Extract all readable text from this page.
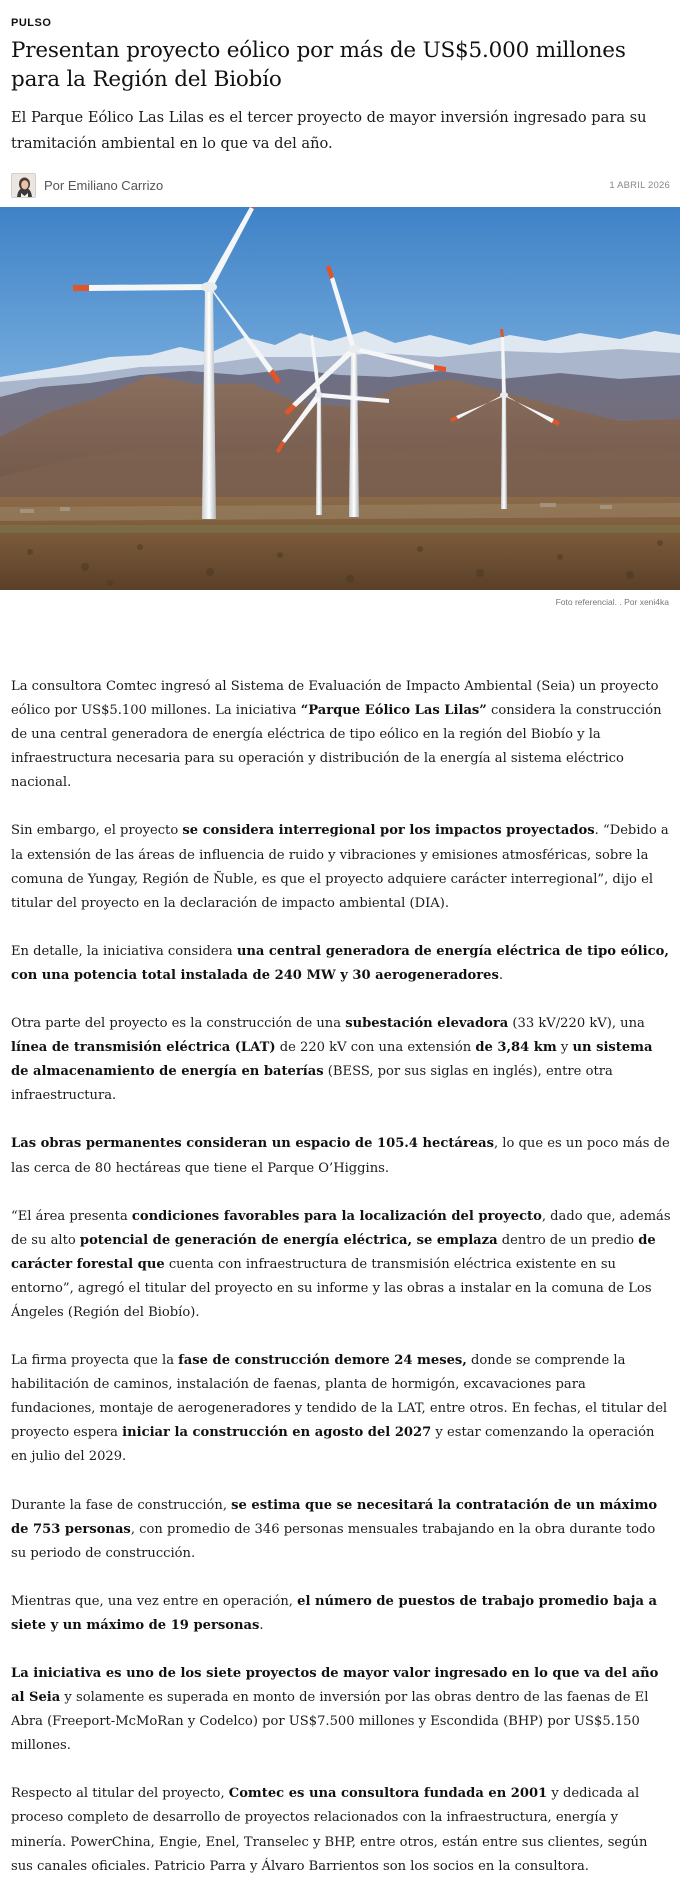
PULSO
Presentan proyecto eólico por más de US$5.000 millones para la Región del Biobío

El Parque Eólico Las Lilas es el tercer proyecto de mayor inversión ingresado para su tramitación ambiental en lo que va del año.

Por Emiliano Carrizo	1 ABRIL 2026
Foto referencial. . Por xeni4ka

La consultora Comtec ingresó al Sistema de Evaluación de Impacto Ambiental (Seia) un proyecto eólico por US$5.100 millones. La iniciativa “Parque Eólico Las Lilas” considera la construcción de una central generadora de energía eléctrica de tipo eólico en la región del Biobío y la infraestructura necesaria para su operación y distribución de la energía al sistema eléctrico nacional.

Sin embargo, el proyecto se considera interregional por los impactos proyectados. “Debido a la extensión de las áreas de influencia de ruido y vibraciones y emisiones atmosféricas, sobre la comuna de Yungay, Región de Ñuble, es que el proyecto adquiere carácter interregional”, dijo el titular del proyecto en la declaración de impacto ambiental (DIA).

En detalle, la iniciativa considera una central generadora de energía eléctrica de tipo eólico, con una potencia total instalada de 240 MW y 30 aerogeneradores.

Otra parte del proyecto es la construcción de una subestación elevadora (33 kV/220 kV), una línea de transmisión eléctrica (LAT) de 220 kV con una extensión de 3,84 km y un sistema de almacenamiento de energía en baterías (BESS, por sus siglas en inglés), entre otra infraestructura.

Las obras permanentes consideran un espacio de 105.4 hectáreas, lo que es un poco más de las cerca de 80 hectáreas que tiene el Parque O’Higgins.

“El área presenta condiciones favorables para la localización del proyecto, dado que, además de su alto potencial de generación de energía eléctrica, se emplaza dentro de un predio de carácter forestal que cuenta con infraestructura de transmisión eléctrica existente en su entorno”, agregó el titular del proyecto en su informe y las obras a instalar en la comuna de Los Ángeles (Región del Biobío).

La firma proyecta que la fase de construcción demore 24 meses, donde se comprende la habilitación de caminos, instalación de faenas, planta de hormigón, excavaciones para fundaciones, montaje de aerogeneradores y tendido de la LAT, entre otros. En fechas, el titular del proyecto espera iniciar la construcción en agosto del 2027 y estar comenzando la operación en julio del 2029.

Durante la fase de construcción, se estima que se necesitará la contratación de un máximo de 753 personas, con promedio de 346 personas mensuales trabajando en la obra durante todo su periodo de construcción.

Mientras que, una vez entre en operación, el número de puestos de trabajo promedio baja a siete y un máximo de 19 personas.

La iniciativa es uno de los siete proyectos de mayor valor ingresado en lo que va del año al Seia y solamente es superada en monto de inversión por las obras dentro de las faenas de El Abra (Freeport-McMoRan y Codelco) por US$7.500 millones y Escondida (BHP) por US$5.150 millones.

Respecto al titular del proyecto, Comtec es una consultora fundada en 2001 y dedicada al proceso completo de desarrollo de proyectos relacionados con la infraestructura, energía y minería. PowerChina, Engie, Enel, Transelec y BHP, entre otros, están entre sus clientes, según sus canales oficiales. Patricio Parra y Álvaro Barrientos son los socios en la consultora.
